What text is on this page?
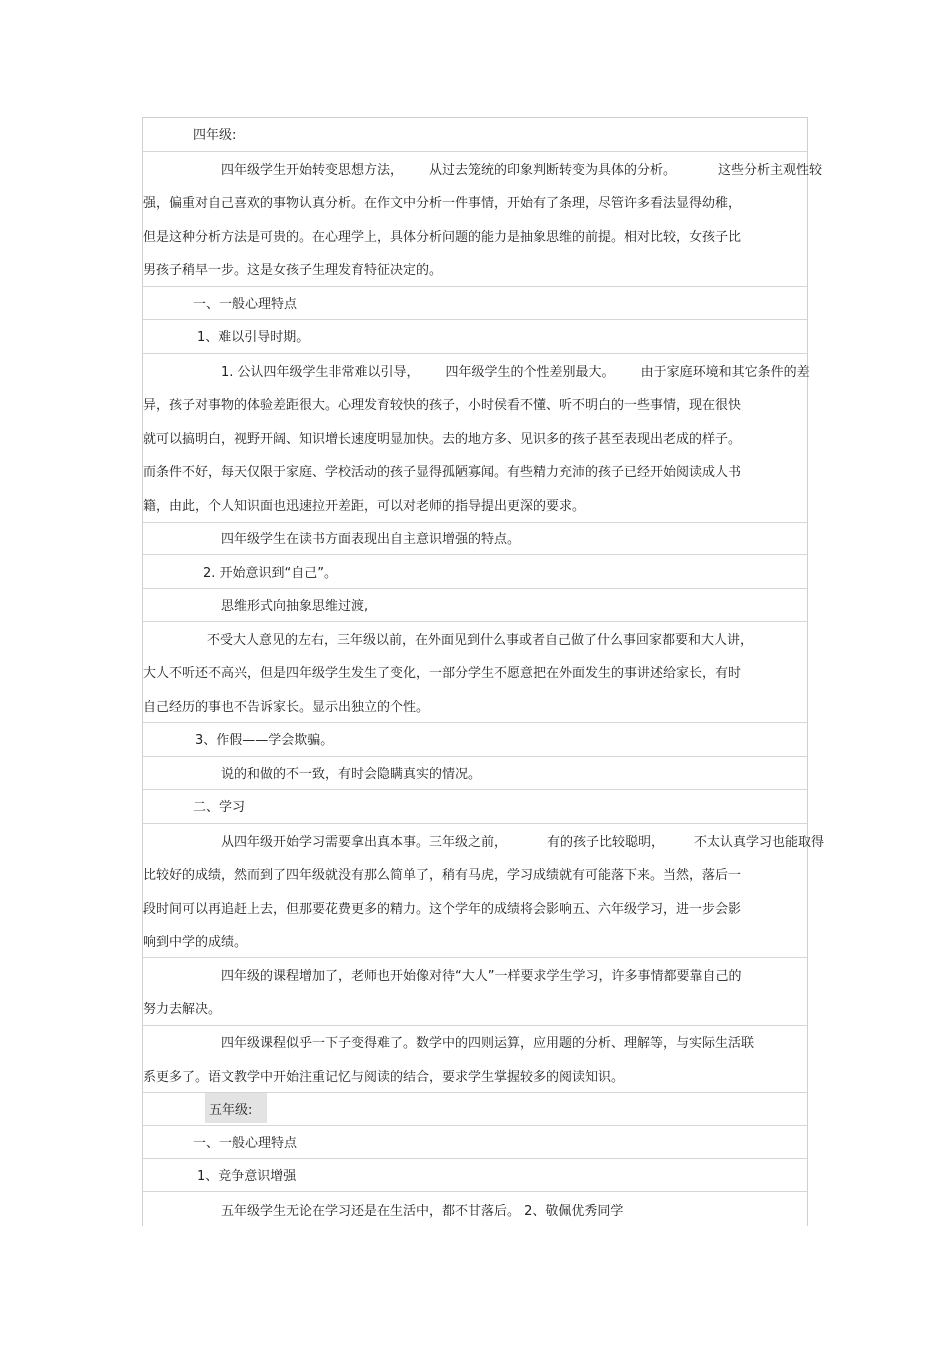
四年级:
四年级学生开始转变思想方法， 从过去笼统的印象判断转变为具体的分析。	这些分析主观性较
强，偏重对自己喜欢的事物认真分析。在作文中分析一件事情，开始有了条理，尽管许多看法显得幼稚，
但是这种分析方法是可贵的。在心理学上，具体分析问题的能力是抽象思维的前提。相对比较，女孩子比
男孩子稍早一步。这是女孩子生理发育特征决定的。
一、一般心理特点
1、难以引导时期。
1. 公认四年级学生非常难以引导， 四年级学生的个性差别最大。 由于家庭环境和其它条件的差
异，孩子对事物的体验差距很大。心理发育较快的孩子，小时侯看不懂、听不明白的一些事情，现在很快
就可以搞明白，视野开阔、知识增长速度明显加快。去的地方多、见识多的孩子甚至表现出老成的样子。
而条件不好，每天仅限于家庭、学校活动的孩子显得孤陋寡闻。有些精力充沛的孩子已经开始阅读成人书
籍，由此，个人知识面也迅速拉开差距，可以对老师的指导提出更深的要求。
四年级学生在读书方面表现出自主意识增强的特点。
2. 开始意识到“自己”。
思维形式向抽象思维过渡,
不受大人意见的左右，三年级以前，在外面见到什么事或者自己做了什么事回家都要和大人讲，
大人不听还不高兴，但是四年级学生发生了变化，一部分学生不愿意把在外面发生的事讲述给家长，有时
自己经历的事也不告诉家长。显示出独立的个性。
3、作假——学会欺骗。
说的和做的不一致，有时会隐瞒真实的情况。
二、学习
从四年级开始学习需要拿出真本事。三年级之前，	有的孩子比较聪明， 不太认真学习也能取得
比较好的成绩，然而到了四年级就没有那么简单了，稍有马虎，学习成绩就有可能落下来。当然，落后一
段时间可以再追赶上去，但那要花费更多的精力。这个学年的成绩将会影响五、六年级学习，进一步会影
响到中学的成绩。
四年级的课程增加了，老师也开始像对待“大人”一样要求学生学习，许多事情都要靠自己的
努力去解决。
四年级课程似乎一下子变得难了。数学中的四则运算，应用题的分析、理解等，与实际生活联
系更多了。语文教学中开始注重记忆与阅读的结合，要求学生掌握较多的阅读知识。
五年级:
一、一般心理特点
1、竞争意识增强
五年级学生无论在学习还是在生活中，都不甘落后。 2、敬佩优秀同学
